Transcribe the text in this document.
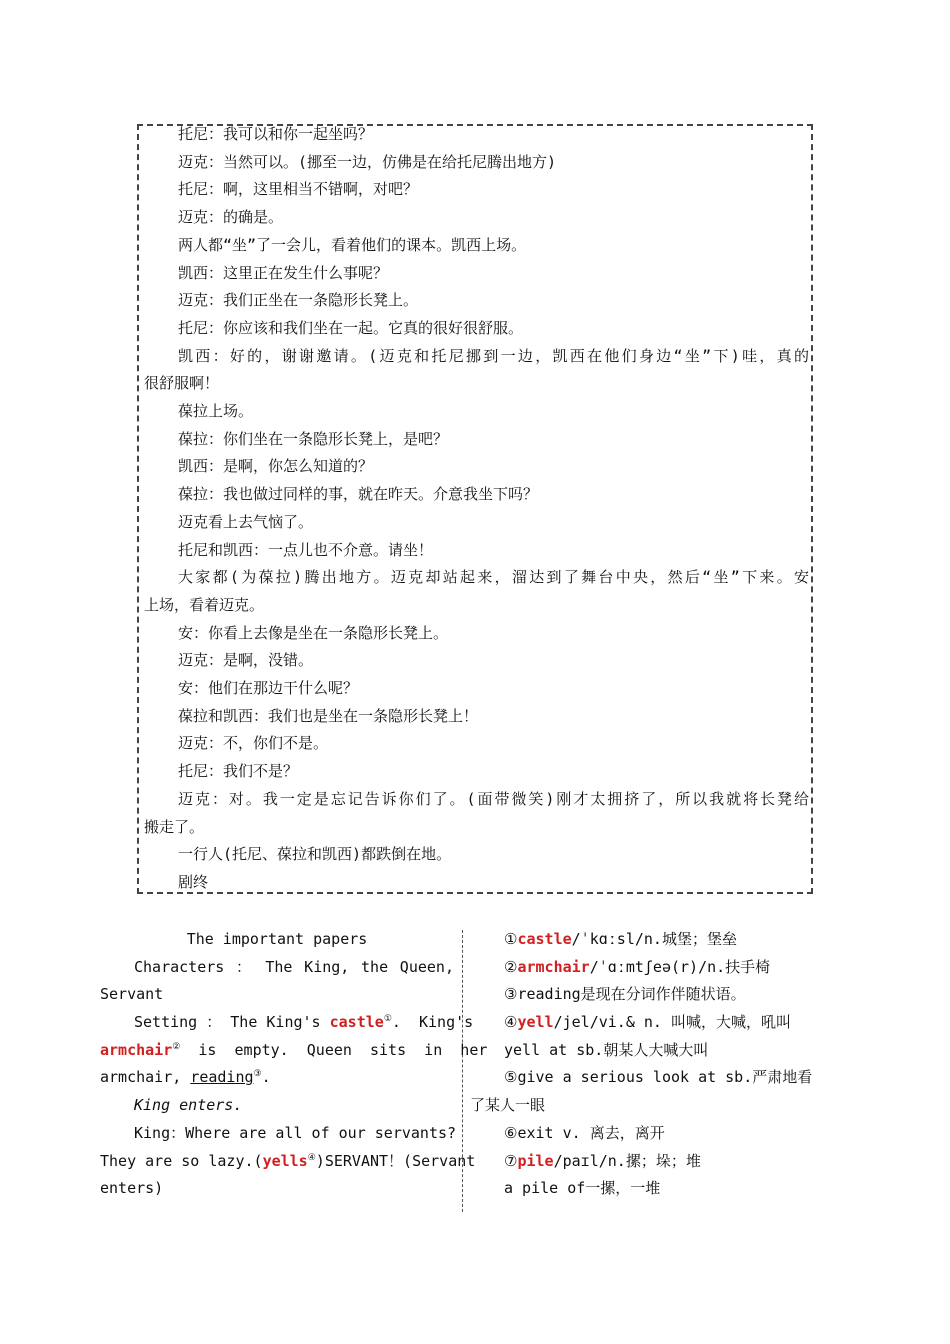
托尼：我可以和你一起坐吗？
迈克：当然可以。(挪至一边，仿佛是在给托尼腾出地方)
托尼：啊，这里相当不错啊，对吧？
迈克：的确是。
两人都“坐”了一会儿，看着他们的课本。凯西上场。
凯西：这里正在发生什么事呢？
迈克：我们正坐在一条隐形长凳上。
托尼：你应该和我们坐在一起。它真的很好很舒服。
凯西：好的，谢谢邀请。(迈克和托尼挪到一边，凯西在他们身边“坐”下)哇，真的
很舒服啊！
葆拉上场。
葆拉：你们坐在一条隐形长凳上，是吧？
凯西：是啊，你怎么知道的？
葆拉：我也做过同样的事，就在昨天。介意我坐下吗？
迈克看上去气恼了。
托尼和凯西：一点儿也不介意。请坐！
大家都(为葆拉)腾出地方。迈克却站起来，溜达到了舞台中央，然后“坐”下来。安
上场，看着迈克。
安：你看上去像是坐在一条隐形长凳上。
迈克：是啊，没错。
安：他们在那边干什么呢？
葆拉和凯西：我们也是坐在一条隐形长凳上！
迈克：不，你们不是。
托尼：我们不是？
迈克：对。我一定是忘记告诉你们了。(面带微笑)刚才太拥挤了，所以我就将长凳给
搬走了。
一行人(托尼、葆拉和凯西)都跌倒在地。
剧终
The important papers
Characters ： The King, the Queen,
Servant
Setting ： The King's castle①.  King's
armchair②  is  empty.  Queen  sits  in  her
armchair, reading③.
King enters.
King：Where are all of our servants?
They are so lazy.(yells④)SERVANT！(Servant
enters)
①castle/ˈkɑːsl/n.城堡；堡垒
②armchair/ˈɑːmtʃeə(r)/n.扶手椅
③reading是现在分词作伴随状语。
④yell/jel/vi.& n. 叫喊，大喊，吼叫
yell at sb.朝某人大喊大叫
⑤give a serious look at sb.严肃地看
了某人一眼
⑥exit v. 离去，离开
⑦pile/paɪl/n.摞；垛；堆
a pile of一摞，一堆
